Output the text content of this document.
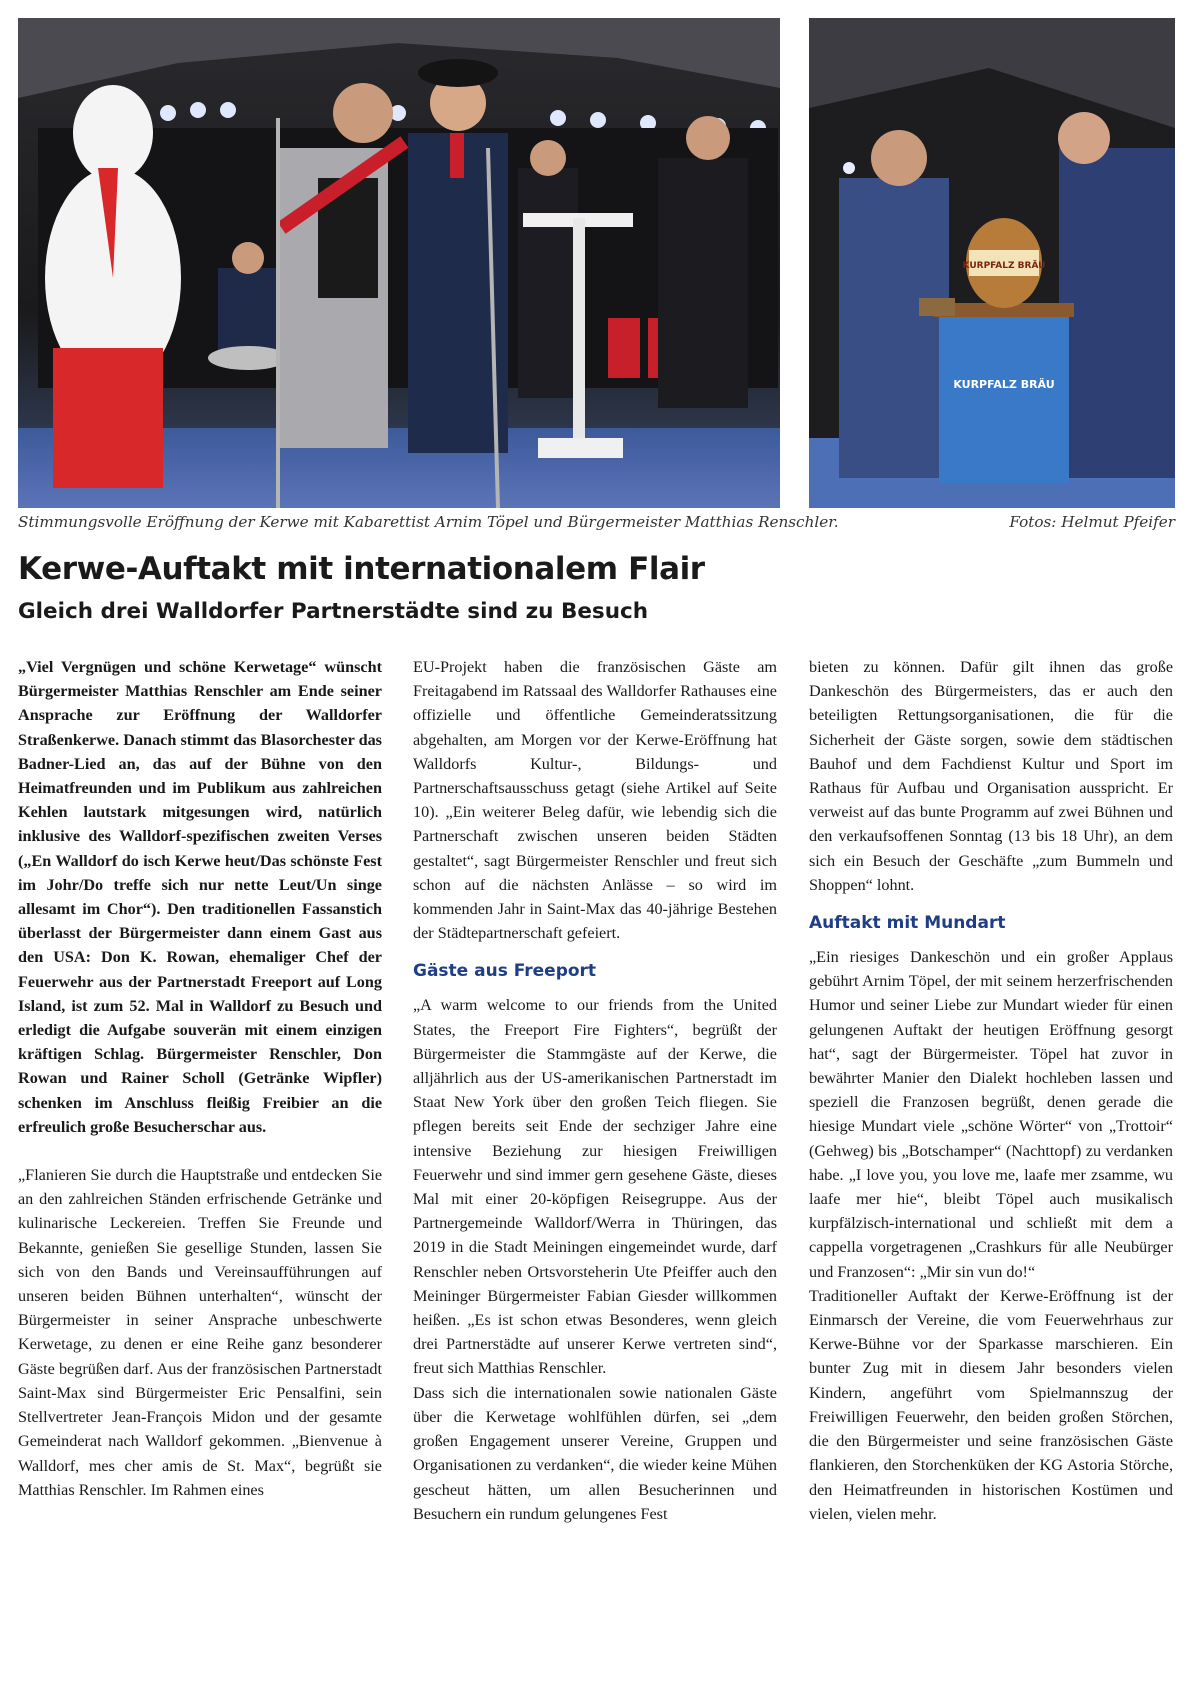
KURPFALZ BRÄU
KURPFALZ BRÄU
Stimmungsvolle Eröffnung der Kerwe mit Kabarettist Arnim Töpel und Bürgermeister Matthias Renschler.	Fotos: Helmut Pfeifer
Kerwe-Auftakt mit internationalem Flair
Gleich drei Walldorfer Partnerstädte sind zu Besuch

„Viel Vergnügen und schöne Kerwetage“ wünscht Bürgermeister Matthias Renschler am Ende seiner Ansprache zur Eröffnung der Walldorfer Straßenkerwe. Danach stimmt das Blasorchester das Badner-Lied an, das auf der Bühne von den Heimatfreunden und im Publikum aus zahlreichen Kehlen lautstark mitgesungen wird, natürlich inklusive des Walldorf-spezifischen zweiten Verses („En Walldorf do isch Kerwe heut/Das schönste Fest im Johr/Do treffe sich nur nette Leut/Un singe allesamt im Chor“). Den traditionellen Fassanstich überlasst der Bürgermeister dann einem Gast aus den USA: Don K. Rowan, ehemaliger Chef der Feuerwehr aus der Partnerstadt Freeport auf Long Island, ist zum 52. Mal in Walldorf zu Besuch und erledigt die Aufgabe souverän mit einem einzigen kräftigen Schlag. Bürgermeister Renschler, Don Rowan und Rainer Scholl (Getränke Wipfler) schenken im Anschluss fleißig Freibier an die erfreulich große Besucherschar aus.

„Flanieren Sie durch die Hauptstraße und entdecken Sie an den zahlreichen Ständen erfrischende Getränke und kulinarische Leckereien. Treffen Sie Freunde und Bekannte, genießen Sie gesellige Stunden, lassen Sie sich von den Bands und Vereinsaufführungen auf unseren beiden Bühnen unterhalten“, wünscht der Bürgermeister in seiner Ansprache unbeschwerte Kerwetage, zu denen er eine Reihe ganz besonderer Gäste begrüßen darf. Aus der französischen Partnerstadt Saint-Max sind Bürgermeister Eric Pensalfini, sein Stellvertreter Jean-François Midon und der gesamte Gemeinderat nach Walldorf gekommen. „Bienvenue à Walldorf, mes cher amis de St. Max“, begrüßt sie Matthias Renschler. Im Rahmen eines

EU-Projekt haben die französischen Gäste am Freitagabend im Ratssaal des Walldorfer Rathauses eine offizielle und öffentliche Gemeinderatssitzung abgehalten, am Morgen vor der Kerwe-Eröffnung hat Walldorfs Kultur-, Bildungs- und Partnerschaftsausschuss getagt (siehe Artikel auf Seite 10). „Ein weiterer Beleg dafür, wie lebendig sich die Partnerschaft zwischen unseren beiden Städten gestaltet“, sagt Bürgermeister Renschler und freut sich schon auf die nächsten Anlässe – so wird im kommenden Jahr in Saint-Max das 40-jährige Bestehen der Städtepartnerschaft gefeiert.

Gäste aus Freeport

„A warm welcome to our friends from the United States, the Freeport Fire Fighters“, begrüßt der Bürgermeister die Stammgäste auf der Kerwe, die alljährlich aus der US-amerikanischen Partnerstadt im Staat New York über den großen Teich fliegen. Sie pflegen bereits seit Ende der sechziger Jahre eine intensive Beziehung zur hiesigen Freiwilligen Feuerwehr und sind immer gern gesehene Gäste, dieses Mal mit einer 20-köpfigen Reisegruppe. Aus der Partnergemeinde Walldorf/Werra in Thüringen, das 2019 in die Stadt Meiningen eingemeindet wurde, darf Renschler neben Ortsvorsteherin Ute Pfeiffer auch den Meininger Bürgermeister Fabian Giesder willkommen heißen. „Es ist schon etwas Besonderes, wenn gleich drei Partnerstädte auf unserer Kerwe vertreten sind“, freut sich Matthias Renschler.

Dass sich die internationalen sowie nationalen Gäste über die Kerwetage wohlfühlen dürfen, sei „dem großen Engagement unserer Vereine, Gruppen und Organisationen zu verdanken“, die wieder keine Mühen gescheut hätten, um allen Besucherinnen und Besuchern ein rundum gelungenes Fest

bieten zu können. Dafür gilt ihnen das große Dankeschön des Bürgermeisters, das er auch den beteiligten Rettungsorganisationen, die für die Sicherheit der Gäste sorgen, sowie dem städtischen Bauhof und dem Fachdienst Kultur und Sport im Rathaus für Aufbau und Organisation ausspricht. Er verweist auf das bunte Programm auf zwei Bühnen und den verkaufsoffenen Sonntag (13 bis 18 Uhr), an dem sich ein Besuch der Geschäfte „zum Bummeln und Shoppen“ lohnt.

Auftakt mit Mundart

„Ein riesiges Dankeschön und ein großer Applaus gebührt Arnim Töpel, der mit seinem herzerfrischenden Humor und seiner Liebe zur Mundart wieder für einen gelungenen Auftakt der heutigen Eröffnung gesorgt hat“, sagt der Bürgermeister. Töpel hat zuvor in bewährter Manier den Dialekt hochleben lassen und speziell die Franzosen begrüßt, denen gerade die hiesige Mundart viele „schöne Wörter“ von „Trottoir“ (Gehweg) bis „Botschamper“ (Nachttopf) zu verdanken habe. „I love you, you love me, laafe mer zsamme, wu laafe mer hie“, bleibt Töpel auch musikalisch kurpfälzisch-international und schließt mit dem a cappella vorgetragenen „Crashkurs für alle Neubürger und Franzosen“: „Mir sin vun do!“

Traditioneller Auftakt der Kerwe-Eröffnung ist der Einmarsch der Vereine, die vom Feuerwehrhaus zur Kerwe-Bühne vor der Sparkasse marschieren. Ein bunter Zug mit in diesem Jahr besonders vielen Kindern, angeführt vom Spielmannszug der Freiwilligen Feuerwehr, den beiden großen Störchen, die den Bürgermeister und seine französischen Gäste flankieren, den Storchenküken der KG Astoria Störche, den Heimatfreunden in historischen Kostümen und vielen, vielen mehr.
